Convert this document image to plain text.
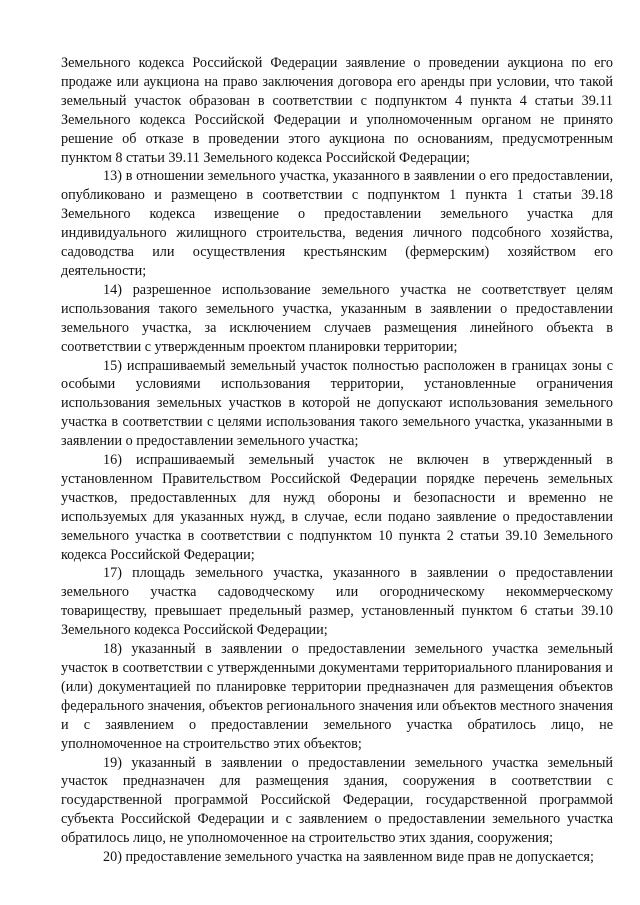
Земельного кодекса Российской Федерации заявление о проведении аукциона по его продаже или аукциона на право заключения договора его аренды при условии, что такой земельный участок образован в соответствии с подпунктом 4 пункта 4 статьи 39.11 Земельного кодекса Российской Федерации и уполномоченным органом не принято решение об отказе в проведении этого аукциона по основаниям, предусмотренным пунктом 8 статьи 39.11 Земельного кодекса Российской Федерации;

13) в отношении земельного участка, указанного в заявлении о его предоставлении, опубликовано и размещено в соответствии с подпунктом 1 пункта 1 статьи 39.18 Земельного кодекса извещение о предоставлении земельного участка для индивидуального жилищного строительства, ведения личного подсобного хозяйства, садоводства или осуществления крестьянским (фермерским) хозяйством его деятельности;

14) разрешенное использование земельного участка не соответствует целям использования такого земельного участка, указанным в заявлении о предоставлении земельного участка, за исключением случаев размещения линейного объекта в соответствии с утвержденным проектом планировки территории;

15) испрашиваемый земельный участок полностью расположен в границах зоны с особыми условиями использования территории, установленные ограничения использования земельных участков в которой не допускают использования земельного участка в соответствии с целями использования такого земельного участка, указанными в заявлении о предоставлении земельного участка;

16) испрашиваемый земельный участок не включен в утвержденный в установленном Правительством Российской Федерации порядке перечень земельных участков, предоставленных для нужд обороны и безопасности и временно не используемых для указанных нужд, в случае, если подано заявление о предоставлении земельного участка в соответствии с подпунктом 10 пункта 2 статьи 39.10 Земельного кодекса Российской Федерации;

17) площадь земельного участка, указанного в заявлении о предоставлении земельного участка садоводческому или огородническому некоммерческому товариществу, превышает предельный размер, установленный пунктом 6 статьи 39.10 Земельного кодекса Российской Федерации;

18) указанный в заявлении о предоставлении земельного участка земельный участок в соответствии с утвержденными документами территориального планирования и (или) документацией по планировке территории предназначен для размещения объектов федерального значения, объектов регионального значения или объектов местного значения и с заявлением о предоставлении земельного участка обратилось лицо, не уполномоченное на строительство этих объектов;

19) указанный в заявлении о предоставлении земельного участка земельный участок предназначен для размещения здания, сооружения в соответствии с государственной программой Российской Федерации, государственной программой субъекта Российской Федерации и с заявлением о предоставлении земельного участка обратилось лицо, не уполномоченное на строительство этих здания, сооружения;

20) предоставление земельного участка на заявленном виде прав не допускается;
